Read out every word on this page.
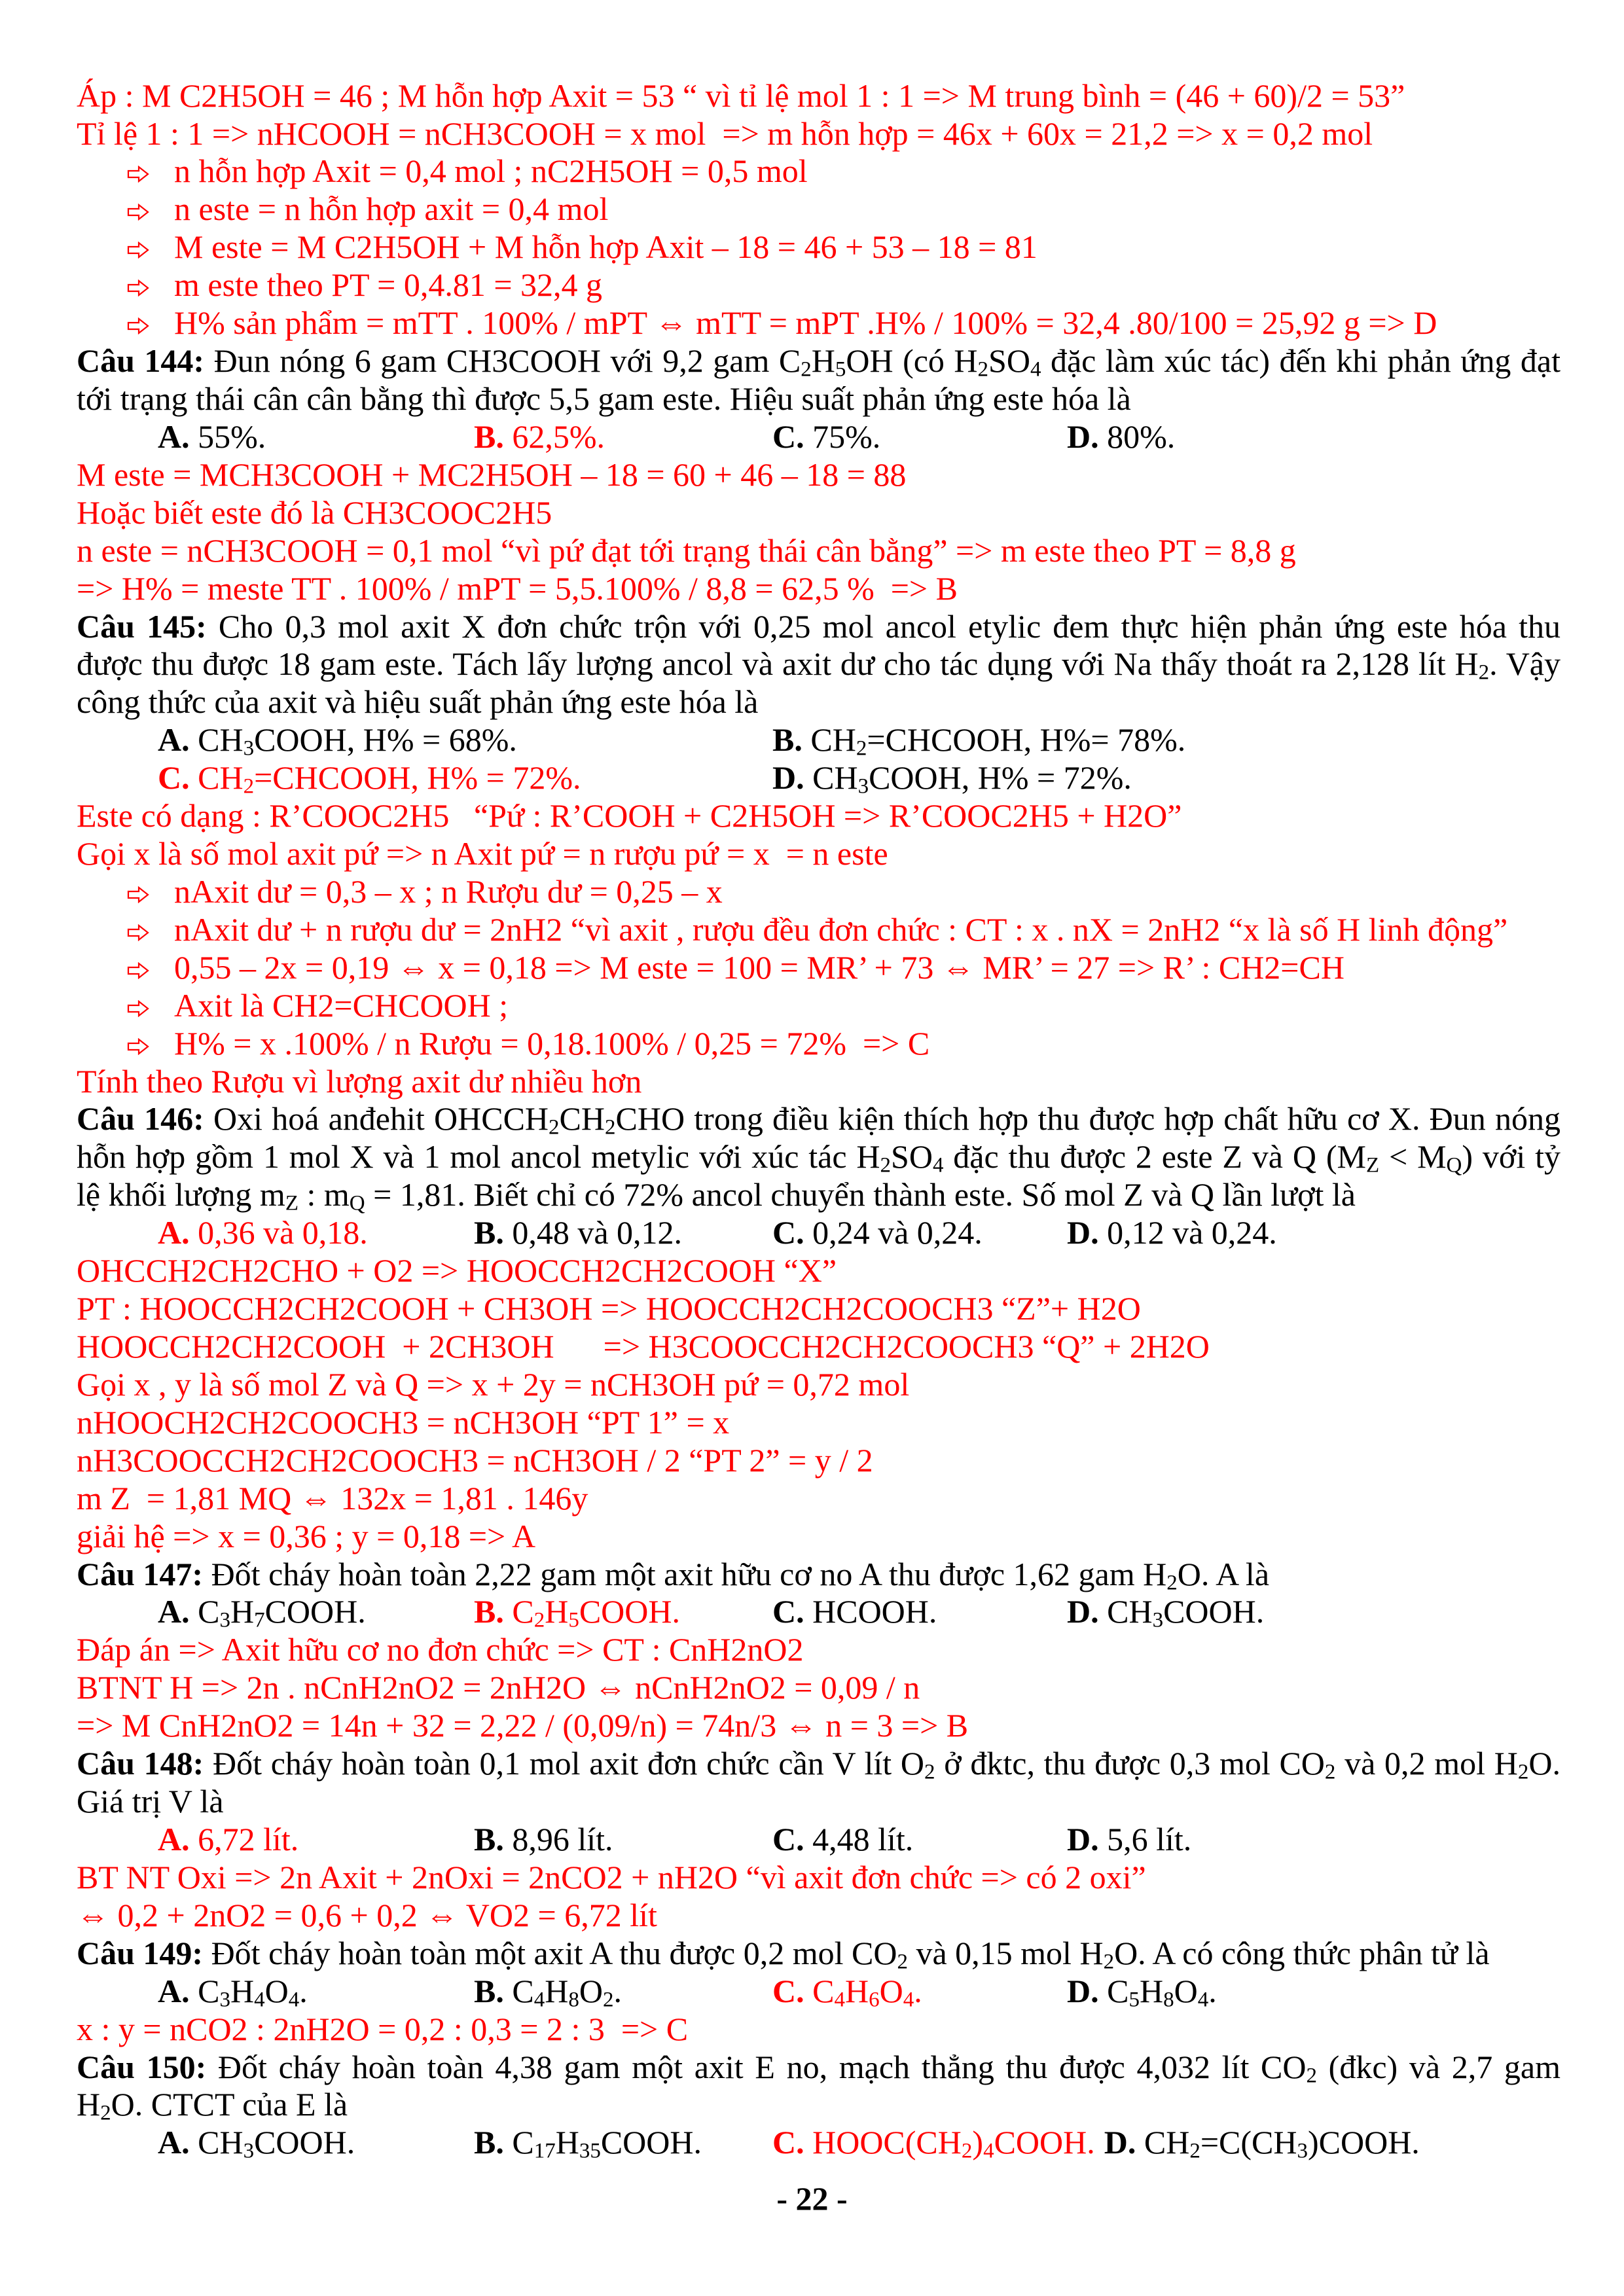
Áp : M C2H5OH = 46 ; M hỗn hợp Axit = 53 “ vì tỉ lệ mol 1 : 1 => M trung bình = (46 + 60)/2 = 53”
Tỉ lệ 1 : 1 => nHCOOH = nCH3COOH = x mol  => m hỗn hợp = 46x + 60x = 21,2 => x = 0,2 mol
n hỗn hợp Axit = 0,4 mol ; nC2H5OH = 0,5 mol
n este = n hỗn hợp axit = 0,4 mol
M este = M C2H5OH + M hỗn hợp Axit – 18 = 46 + 53 – 18 = 81
m este theo PT = 0,4.81 = 32,4 g
H% sản phẩm = mTT . 100% / mPT ⇔ mTT = mPT .H% / 100% = 32,4 .80/100 = 25,92 g => D
Câu 144: Đun nóng 6 gam CH3COOH với 9,2 gam C2H5OH (có H2SO4 đặc làm xúc tác) đến khi phản ứng đạt
tới trạng thái cân cân bằng thì được 5,5 gam este. Hiệu suất phản ứng este hóa là
A. 55%.	B. 62,5%.	C. 75%.	D. 80%.
M este = MCH3COOH + MC2H5OH – 18 = 60 + 46 – 18 = 88
Hoặc biết este đó là CH3COOC2H5
n este = nCH3COOH = 0,1 mol “vì pứ đạt tới trạng thái cân bằng” => m este theo PT = 8,8 g
=> H% = meste TT . 100% / mPT = 5,5.100% / 8,8 = 62,5 %  => B
Câu 145: Cho 0,3 mol axit X đơn chức trộn với 0,25 mol ancol etylic đem thực hiện phản ứng este hóa thu
được thu được 18 gam este. Tách lấy lượng ancol và axit dư cho tác dụng với Na thấy thoát ra 2,128 lít H2. Vậy
công thức của axit và hiệu suất phản ứng este hóa là
A. CH3COOH, H% = 68%.	B. CH2=CHCOOH, H%= 78%.
C. CH2=CHCOOH, H% = 72%.	D. CH3COOH, H% = 72%.
Este có dạng : R’COOC2H5   “Pứ : R’COOH + C2H5OH => R’COOC2H5 + H2O”
Gọi x là số mol axit pứ => n Axit pứ = n rượu pứ = x  = n este
nAxit dư = 0,3 – x ; n Rượu dư = 0,25 – x
nAxit dư + n rượu dư = 2nH2 “vì axit , rượu đều đơn chức : CT : x . nX = 2nH2 “x là số H linh động”
0,55 – 2x = 0,19 ⇔ x = 0,18 => M este = 100 = MR’ + 73 ⇔ MR’ = 27 => R’ : CH2=CH
Axit là CH2=CHCOOH ;
H% = x .100% / n Rượu = 0,18.100% / 0,25 = 72%  => C
Tính theo Rượu vì lượng axit dư nhiều hơn
Câu 146: Oxi hoá anđehit OHCCH2CH2CHO trong điều kiện thích hợp thu được hợp chất hữu cơ X. Đun nóng
hỗn hợp gồm 1 mol X và 1 mol ancol metylic với xúc tác H2SO4 đặc thu được 2 este Z và Q (MZ < MQ) với tỷ
lệ khối lượng mZ : mQ = 1,81. Biết chỉ có 72% ancol chuyển thành este. Số mol Z và Q lần lượt là
A. 0,36 và 0,18.	B. 0,48 và 0,12.	C. 0,24 và 0,24.	D. 0,12 và 0,24.
OHCCH2CH2CHO + O2 => HOOCCH2CH2COOH “X”
PT : HOOCCH2CH2COOH + CH3OH => HOOCCH2CH2COOCH3 “Z”+ H2O
HOOCCH2CH2COOH  + 2CH3OH      => H3COOCCH2CH2COOCH3 “Q” + 2H2O
Gọi x , y là số mol Z và Q => x + 2y = nCH3OH pứ = 0,72 mol
nHOOCH2CH2COOCH3 = nCH3OH “PT 1” = x
nH3COOCCH2CH2COOCH3 = nCH3OH / 2 “PT 2” = y / 2
m Z  = 1,81 MQ ⇔ 132x = 1,81 . 146y
giải hệ => x = 0,36 ; y = 0,18 => A
Câu 147: Đốt cháy hoàn toàn 2,22 gam một axit hữu cơ no A thu được 1,62 gam H2O. A là
A. C3H7COOH.	B. C2H5COOH.	C. HCOOH.	D. CH3COOH.
Đáp án => Axit hữu cơ no đơn chức => CT : CnH2nO2
BTNT H => 2n . nCnH2nO2 = 2nH2O ⇔ nCnH2nO2 = 0,09 / n
=> M CnH2nO2 = 14n + 32 = 2,22 / (0,09/n) = 74n/3 ⇔ n = 3 => B
Câu 148: Đốt cháy hoàn toàn 0,1 mol axit đơn chức cần V lít O2 ở đktc, thu được 0,3 mol CO2 và 0,2 mol H2O.
Giá trị V là
A. 6,72 lít.	B. 8,96 lít.	C. 4,48 lít.	D. 5,6 lít.
BT NT Oxi => 2n Axit + 2nOxi = 2nCO2 + nH2O “vì axit đơn chức => có 2 oxi”
⇔ 0,2 + 2nO2 = 0,6 + 0,2 ⇔ VO2 = 6,72 lít
Câu 149: Đốt cháy hoàn toàn một axit A thu được 0,2 mol CO2 và 0,15 mol H2O. A có công thức phân tử là
A. C3H4O4.	B. C4H8O2.	C. C4H6O4.	D. C5H8O4.
x : y = nCO2 : 2nH2O = 0,2 : 0,3 = 2 : 3  => C
Câu 150: Đốt cháy hoàn toàn 4,38 gam một axit E no, mạch thẳng thu được 4,032 lít CO2 (đkc) và 2,7 gam
H2O. CTCT của E là
A. CH3COOH.	B. C17H35COOH. C. HOOC(CH2)4COOH. D. CH2=C(CH3)COOH.
- 22 -
